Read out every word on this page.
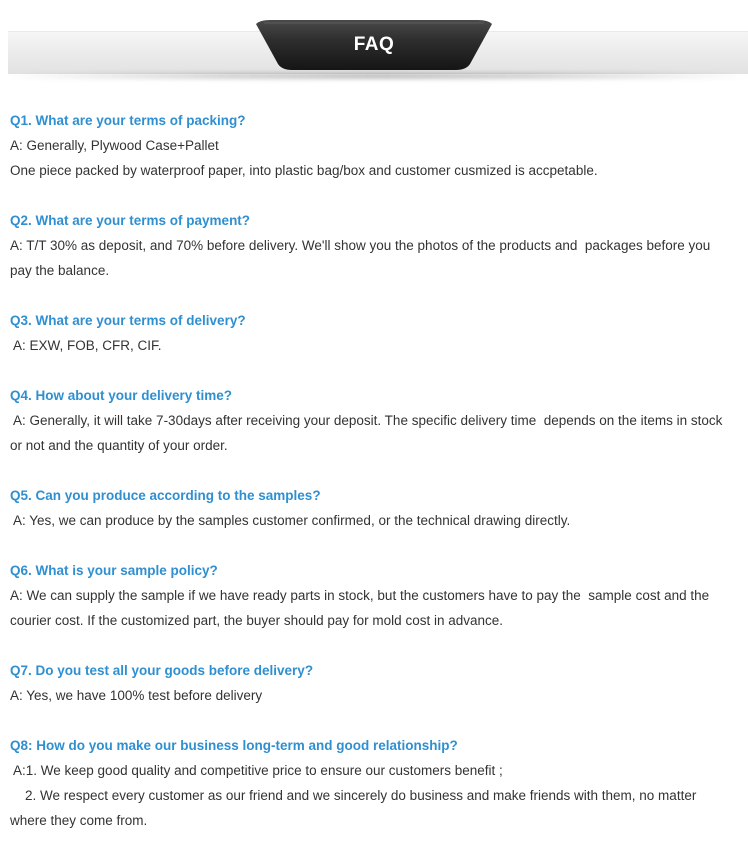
FAQ

Q1. What are your terms of packing?

A: Generally, Plywood Case+Pallet

One piece packed by waterproof paper, into plastic bag/box and customer cusmized is accpetable.

Q2. What are your terms of payment?

A: T/T 30% as deposit, and 70% before delivery. We'll show you the photos of the products and  packages before you

pay the balance.

Q3. What are your terms of delivery?

A: EXW, FOB, CFR, CIF.

Q4. How about your delivery time?

A: Generally, it will take 7-30days after receiving your deposit. The specific delivery time  depends on the items in stock

or not and the quantity of your order.

Q5. Can you produce according to the samples?

A: Yes, we can produce by the samples customer confirmed, or the technical drawing directly.

Q6. What is your sample policy?

A: We can supply the sample if we have ready parts in stock, but the customers have to pay the  sample cost and the

courier cost. If the customized part, the buyer should pay for mold cost in advance.

Q7. Do you test all your goods before delivery?

A: Yes, we have 100% test before delivery

Q8: How do you make our business long-term and good relationship?

A:1. We keep good quality and competitive price to ensure our customers benefit ;

2. We respect every customer as our friend and we sincerely do business and make friends with them, no matter

where they come from.
